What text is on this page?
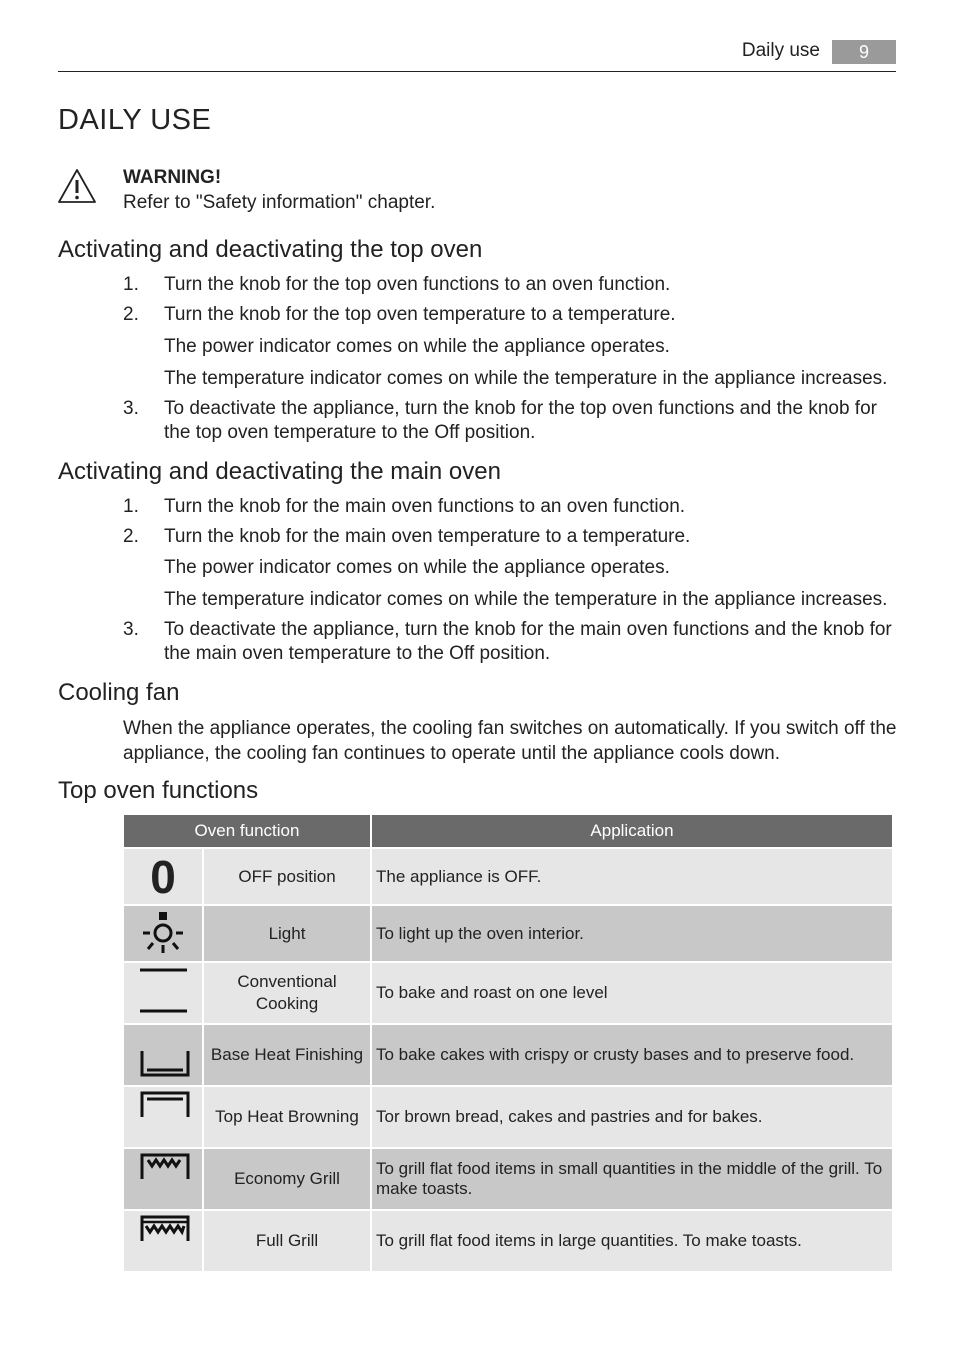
Daily use	9
DAILY USE
WARNING!
Refer to "Safety information" chapter.
Activating and deactivating the top oven
1. Turn the knob for the top oven functions to an oven function.
2. Turn the knob for the top oven temperature to a temperature.
The power indicator comes on while the appliance operates.
The temperature indicator comes on while the temperature in the appliance increases.
3. To deactivate the appliance, turn the knob for the top oven functions and the knob for the top oven temperature to the Off position.
Activating and deactivating the main oven
1. Turn the knob for the main oven functions to an oven function.
2. Turn the knob for the main oven temperature to a temperature.
The power indicator comes on while the appliance operates.
The temperature indicator comes on while the temperature in the appliance increases.
3. To deactivate the appliance, turn the knob for the main oven functions and the knob for the main oven temperature to the Off position.
Cooling fan
When the appliance operates, the cooling fan switches on automatically. If you switch off the appliance, the cooling fan continues to operate until the appliance cools down.
Top oven functions
Oven function		Application
0	OFF position	The appliance is OFF.
	Light	To light up the oven interior.
	Conventional Cooking	To bake and roast on one level
	Base Heat Finishing	To bake cakes with crispy or crusty bases and to preserve food.
	Top Heat Browning	Tor brown bread, cakes and pastries and for bakes.
	Economy Grill	To grill flat food items in small quantities in the middle of the grill. To make toasts.
	Full Grill	To grill flat food items in large quantities. To make toasts.
